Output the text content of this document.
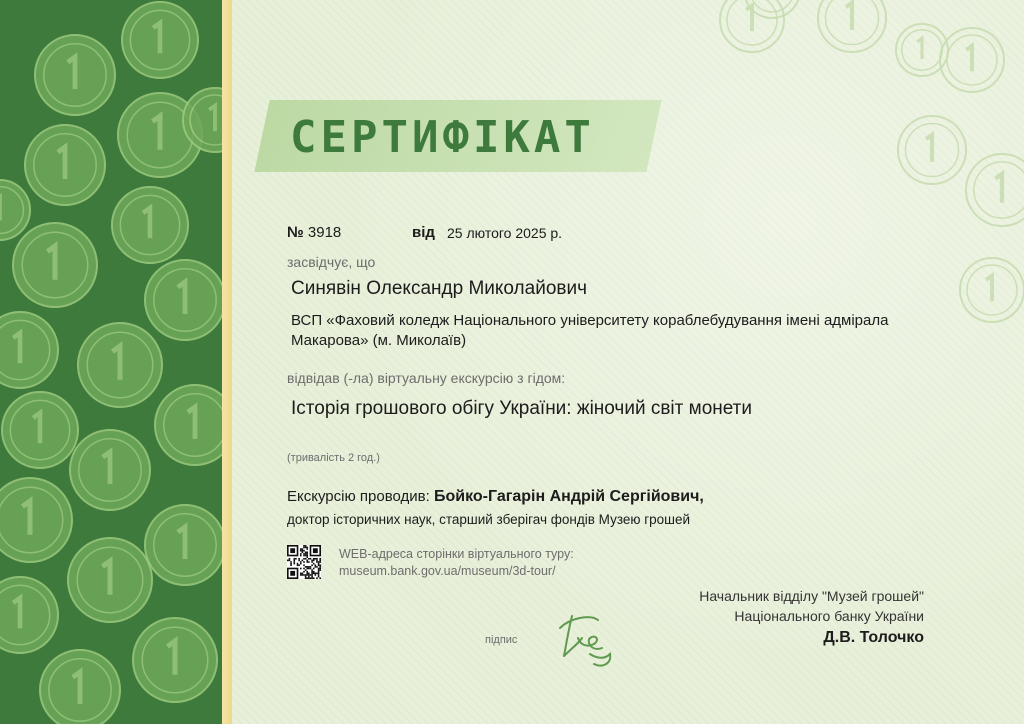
СЕРТИФІКАТ
№ 3918	від 25 лютого 2025 р.
засвідчує, що
Синявін Олександр Миколайович
ВСП «Фаховий коледж Національного університету кораблебудування імені адмірала
Макарова» (м. Миколаїв)
відвідав (-ла) віртуальну екскурсію з гідом:
Історія грошового обігу України: жіночий світ монети
(тривалість 2 год.)
Екскурсію проводив: Бойко-Гагарін Андрій Сергійович,
доктор історичних наук, старший зберігач фондів Музею грошей
WEB-адреса сторінки віртуального туру:
museum.bank.gov.ua/museum/3d-tour/
підпис
Начальник відділу "Музей грошей"
Національного банку України
Д.В. Толочко
